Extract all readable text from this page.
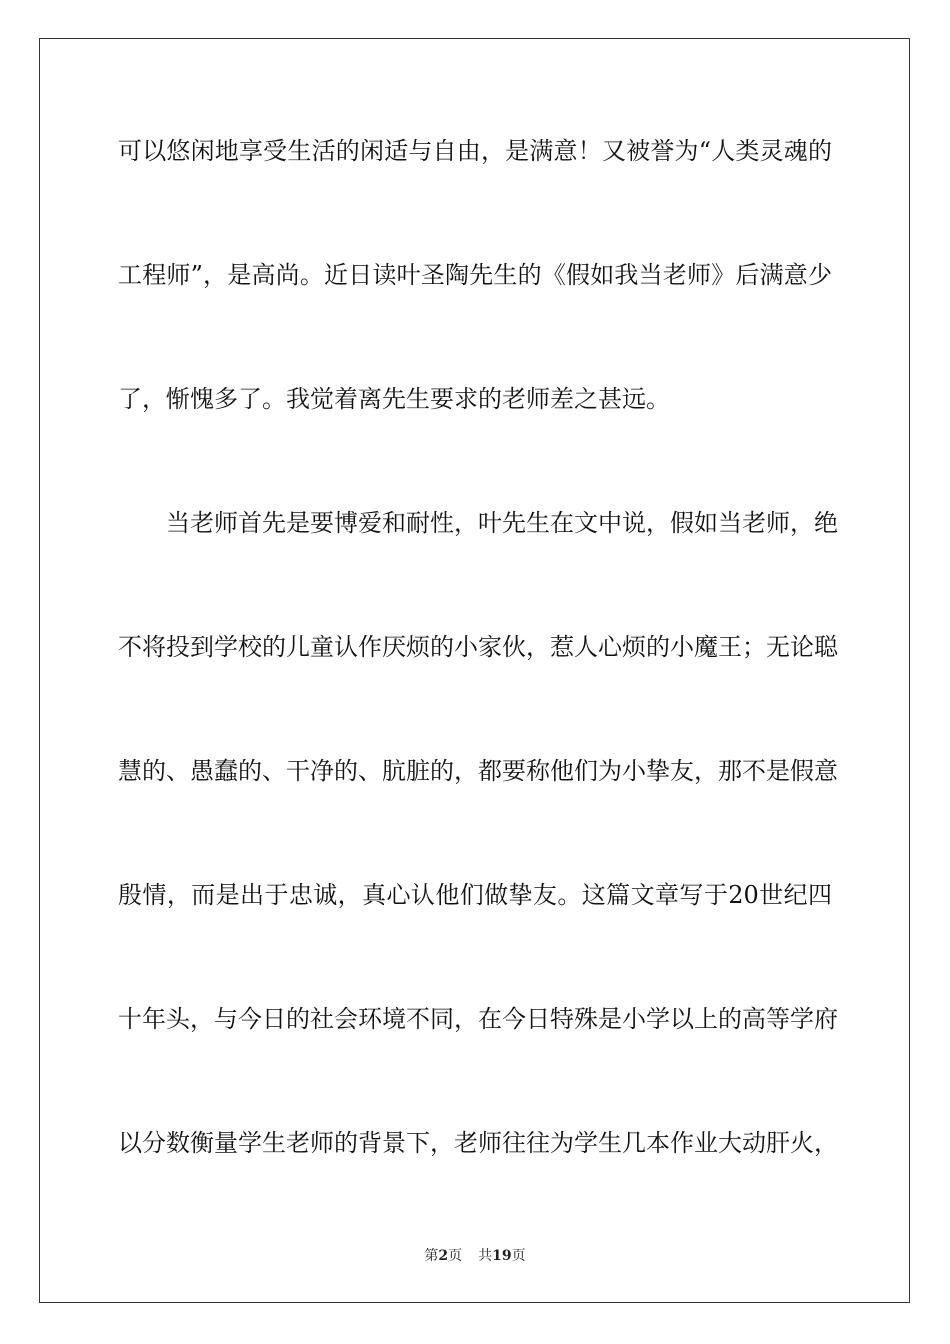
可以悠闲地享受生活的闲适与自由，是满意！又被誉为“人类灵魂的
工程师”，是高尚。近日读叶圣陶先生的《假如我当老师》后满意少
了，惭愧多了。我觉着离先生要求的老师差之甚远。
当老师首先是要博爱和耐性，叶先生在文中说，假如当老师，绝
不将投到学校的儿童认作厌烦的小家伙，惹人心烦的小魔王；无论聪
慧的、愚蠢的、干净的、肮脏的，都要称他们为小挚友，那不是假意
殷情，而是出于忠诚，真心认他们做挚友。这篇文章写于20世纪四
十年头，与今日的社会环境不同，在今日特殊是小学以上的高等学府
以分数衡量学生老师的背景下，老师往往为学生几本作业大动肝火，
第2页 共19页
